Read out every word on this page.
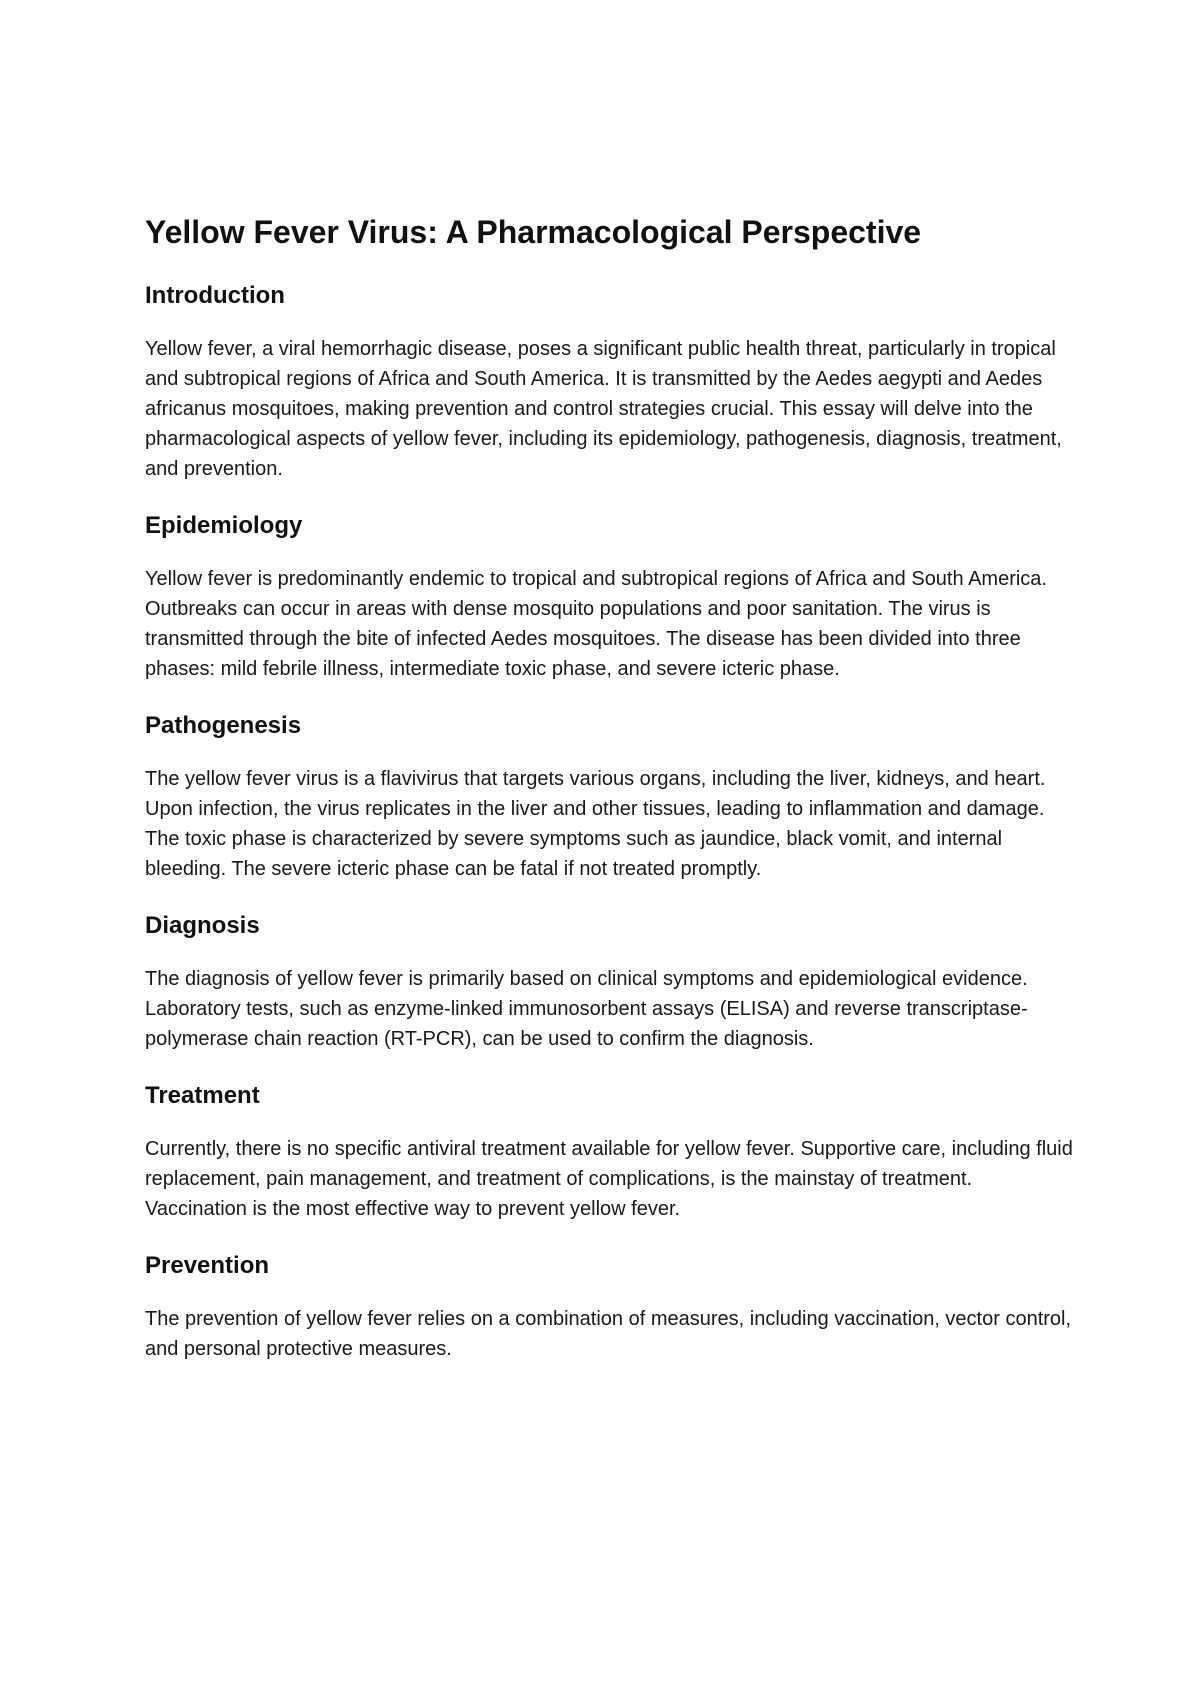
Yellow Fever Virus: A Pharmacological Perspective
Introduction

Yellow fever, a viral hemorrhagic disease, poses a significant public health threat, particularly in tropical and subtropical regions of Africa and South America. It is transmitted by the Aedes aegypti and Aedes africanus mosquitoes, making prevention and control strategies crucial. This essay will delve into the pharmacological aspects of yellow fever, including its epidemiology, pathogenesis, diagnosis, treatment, and prevention.

Epidemiology

Yellow fever is predominantly endemic to tropical and subtropical regions of Africa and South America. Outbreaks can occur in areas with dense mosquito populations and poor sanitation. The virus is transmitted through the bite of infected Aedes mosquitoes. The disease has been divided into three phases: mild febrile illness, intermediate toxic phase, and severe icteric phase.

Pathogenesis

The yellow fever virus is a flavivirus that targets various organs, including the liver, kidneys, and heart. Upon infection, the virus replicates in the liver and other tissues, leading to inflammation and damage. The toxic phase is characterized by severe symptoms such as jaundice, black vomit, and internal bleeding. The severe icteric phase can be fatal if not treated promptly.

Diagnosis

The diagnosis of yellow fever is primarily based on clinical symptoms and epidemiological evidence. Laboratory tests, such as enzyme-linked immunosorbent assays (ELISA) and reverse transcriptase-polymerase chain reaction (RT-PCR), can be used to confirm the diagnosis.

Treatment

Currently, there is no specific antiviral treatment available for yellow fever. Supportive care, including fluid replacement, pain management, and treatment of complications, is the mainstay of treatment. Vaccination is the most effective way to prevent yellow fever.

Prevention

The prevention of yellow fever relies on a combination of measures, including vaccination, vector control, and personal protective measures.
